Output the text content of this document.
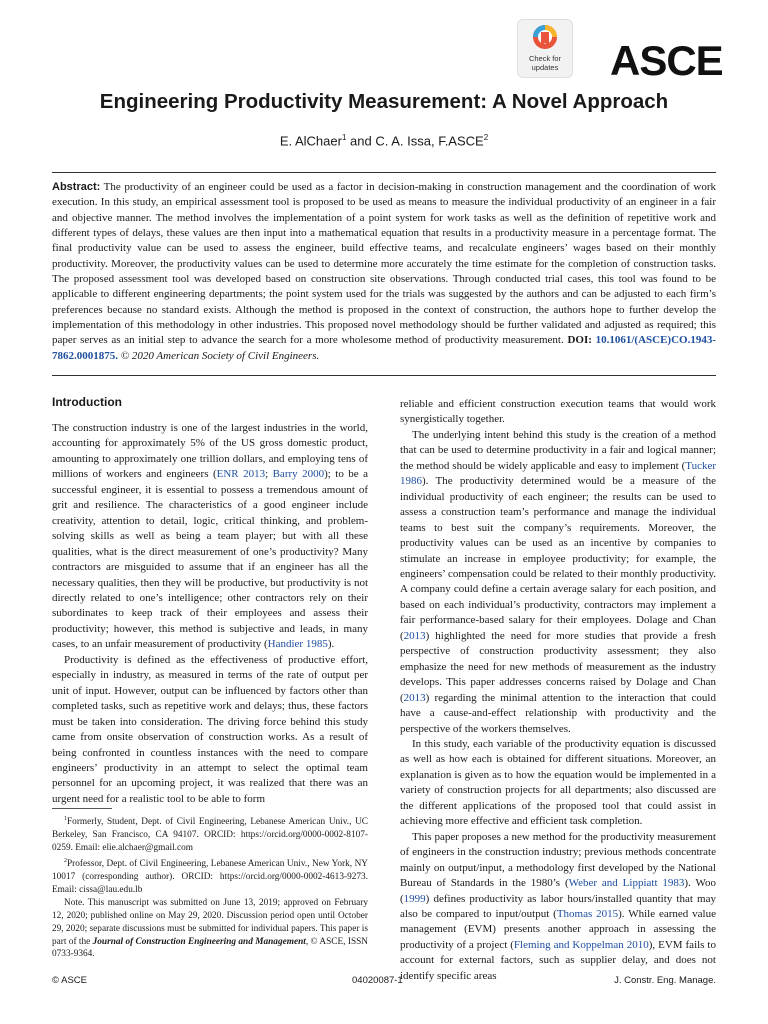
Check for
updates	ASCE
Engineering Productivity Measurement: A Novel Approach
E. AlChaer$^1$ and C. A. Issa, F.ASCE$^2$
Abstract: The productivity of an engineer could be used as a factor in decision-making in construction management and the coordination of work execution. In this study, an empirical assessment tool is proposed to be used as means to measure the individual productivity of an engineer in a fair and objective manner. The method involves the implementation of a point system for work tasks as well as the definition of repetitive work and different types of delays, these values are then input into a mathematical equation that results in a productivity measure in a percentage format. The final productivity value can be used to assess the engineer, build effective teams, and recalculate engineers’ wages based on their monthly productivity. Moreover, the productivity values can be used to determine more accurately the time estimate for the completion of construction tasks. The proposed assessment tool was developed based on construction site observations. Through conducted trial cases, this tool was found to be applicable to different engineering departments; the point system used for the trials was suggested by the authors and can be adjusted to each firm’s preferences because no standard exists. Although the method is proposed in the context of construction, the authors hope to further develop the implementation of this methodology in other industries. This proposed novel methodology should be further validated and adjusted as required; this paper serves as an initial step to advance the search for a more wholesome method of productivity measurement. DOI: 10.1061/(ASCE)CO.1943-7862.0001875. © 2020 American Society of Civil Engineers.
Introduction

The construction industry is one of the largest industries in the world, accounting for approximately 5% of the US gross domestic product, amounting to approximately one trillion dollars, and employing tens of millions of workers and engineers (ENR 2013; Barry 2000); to be a successful engineer, it is essential to possess a tremendous amount of grit and resilience. The characteristics of a good engineer include creativity, attention to detail, logic, critical thinking, and problem-solving skills as well as being a team player; but with all these qualities, what is the direct measurement of one’s productivity? Many contractors are misguided to assume that if an engineer has all the necessary qualities, then they will be productive, but productivity is not directly related to one’s intelligence; other contractors rely on their subordinates to keep track of their employees and assess their productivity; however, this method is subjective and leads, in many cases, to an unfair measurement of productivity (Handier 1985).

Productivity is defined as the effectiveness of productive effort, especially in industry, as measured in terms of the rate of output per unit of input. However, output can be influenced by factors other than completed tasks, such as repetitive work and delays; thus, these factors must be taken into consideration. The driving force behind this study came from onsite observation of construction works. As a result of being confronted in countless instances with the need to compare engineers’ productivity in an attempt to select the optimal team personnel for an upcoming project, it was realized that there was an urgent need for a realistic tool to be able to form

$^1$Formerly, Student, Dept. of Civil Engineering, Lebanese American Univ., UC Berkeley, San Francisco, CA 94107. ORCID: https://orcid.org/0000-0002-8107-0259. Email: elie.alchaer@gmail.com

$^2$Professor, Dept. of Civil Engineering, Lebanese American Univ., New York, NY 10017 (corresponding author). ORCID: https://orcid.org/0000-0002-4613-9273. Email: cissa@lau.edu.lb

Note. This manuscript was submitted on June 13, 2019; approved on February 12, 2020; published online on May 29, 2020. Discussion period open until October 29, 2020; separate discussions must be submitted for individual papers. This paper is part of the Journal of Construction Engineering and Management, © ASCE, ISSN 0733-9364.

reliable and efficient construction execution teams that would work synergistically together.

The underlying intent behind this study is the creation of a method that can be used to determine productivity in a fair and logical manner; the method should be widely applicable and easy to implement (Tucker 1986). The productivity determined would be a measure of the individual productivity of each engineer; the results can be used to assess a construction team’s performance and manage the individual teams to best suit the company’s requirements. Moreover, the productivity values can be used as an incentive by companies to stimulate an increase in employee productivity; for example, the engineers’ compensation could be related to their monthly productivity. A company could define a certain average salary for each position, and based on each individual’s productivity, contractors may implement a fair performance-based salary for their employees. Dolage and Chan (2013) highlighted the need for more studies that provide a fresh perspective of construction productivity assessment; they also emphasize the need for new methods of measurement as the industry develops. This paper addresses concerns raised by Dolage and Chan (2013) regarding the minimal attention to the interaction that could have a cause-and-effect relationship with productivity and the perspective of the workers themselves.

In this study, each variable of the productivity equation is discussed as well as how each is obtained for different situations. Moreover, an explanation is given as to how the equation would be implemented in a variety of construction projects for all departments; also discussed are the different applications of the proposed tool that could assist in achieving more effective and efficient task completion.

This paper proposes a new method for the productivity measurement of engineers in the construction industry; previous methods concentrate mainly on output/input, a methodology first developed by the National Bureau of Standards in the 1980’s (Weber and Lippiatt 1983). Woo (1999) defines productivity as labor hours/installed quantity that may also be compared to input/output (Thomas 2015). While earned value management (EVM) presents another approach in assessing the productivity of a project (Fleming and Koppelman 2010), EVM fails to account for external factors, such as supplier delay, and does not identify specific areas

© ASCE	04020087-1	J. Constr. Eng. Manage.
